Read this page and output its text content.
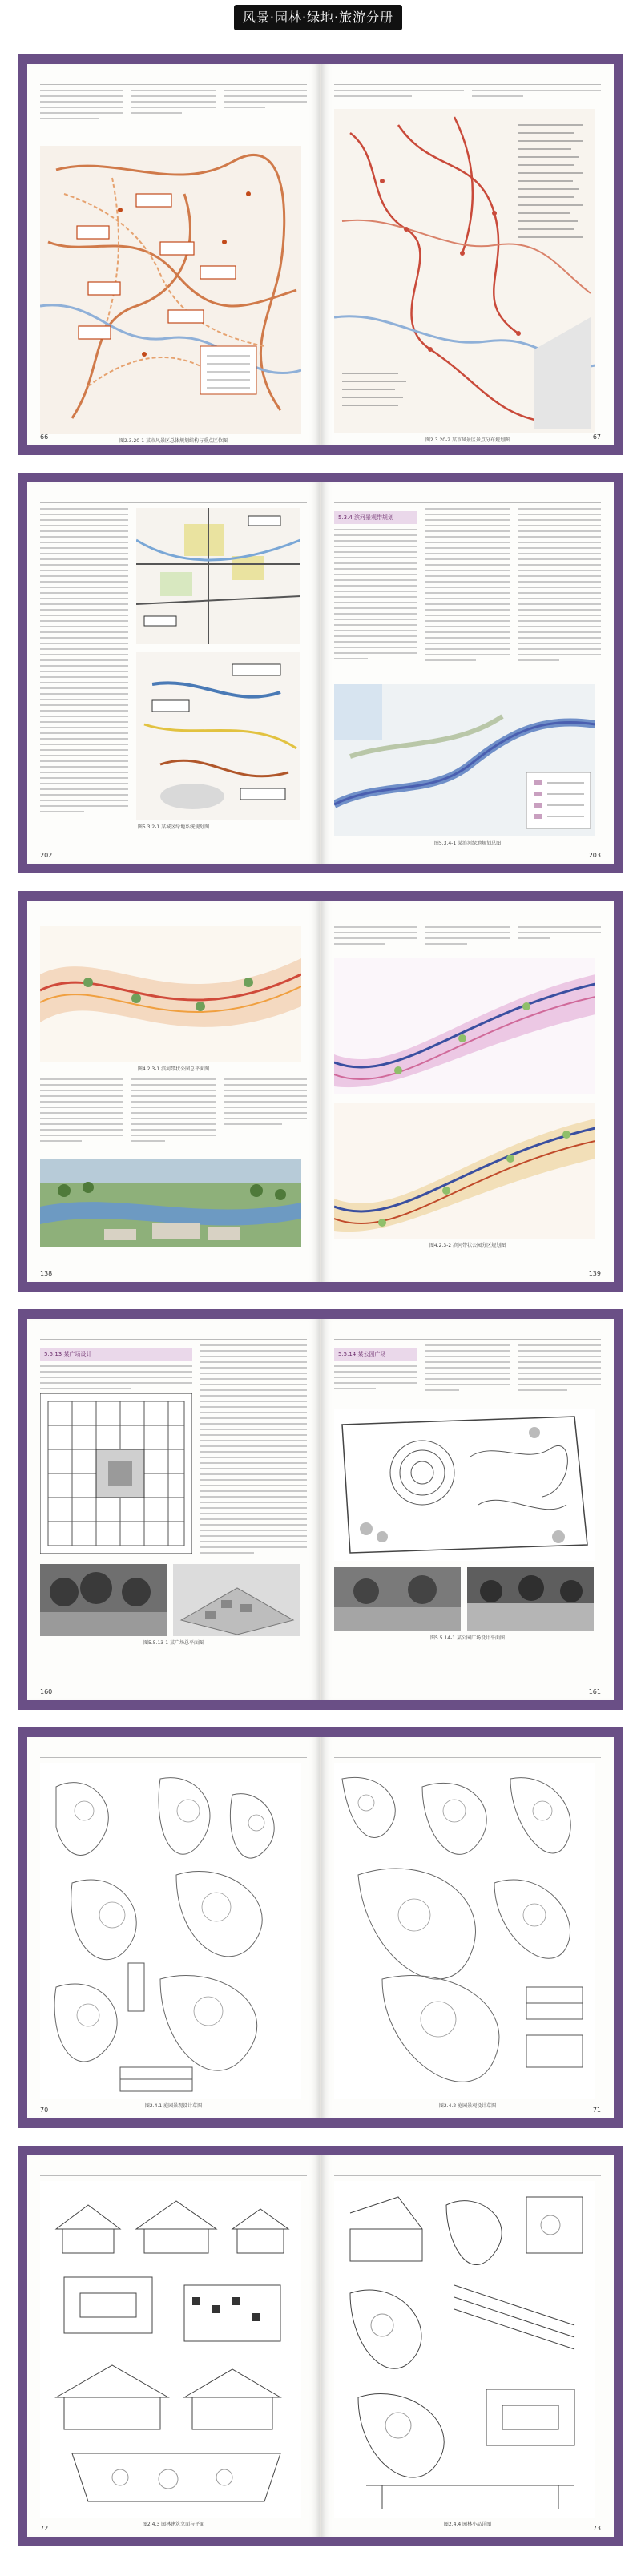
风景·园林·绿地·旅游分册
图2.3.20-1 某市风景区总体规划结构与重点区位图
66	图2.3.20-2 某市风景区景点分布规划图	67
图5.3.2-1 某城区绿地系统规划图
202
5.3.4 滨河景观带规划
图5.3.4-1 某滨河绿地规划总图
203
图4.2.3-1 滨河带状公园总平面图
138
图4.2.3-2 滨河带状公园分区规划图
139
5.5.13 某广场设计
图5.5.13-1 某广场总平面图
160
5.5.14 某公园广场
图5.5.14-1 某公园广场设计平面图
161
图2.4.1 庭园景观设计草图
70
图2.4.2 庭园景观设计草图
71
图2.4.3 园林建筑立面与平面
72
图2.4.4 园林小品详图
73
